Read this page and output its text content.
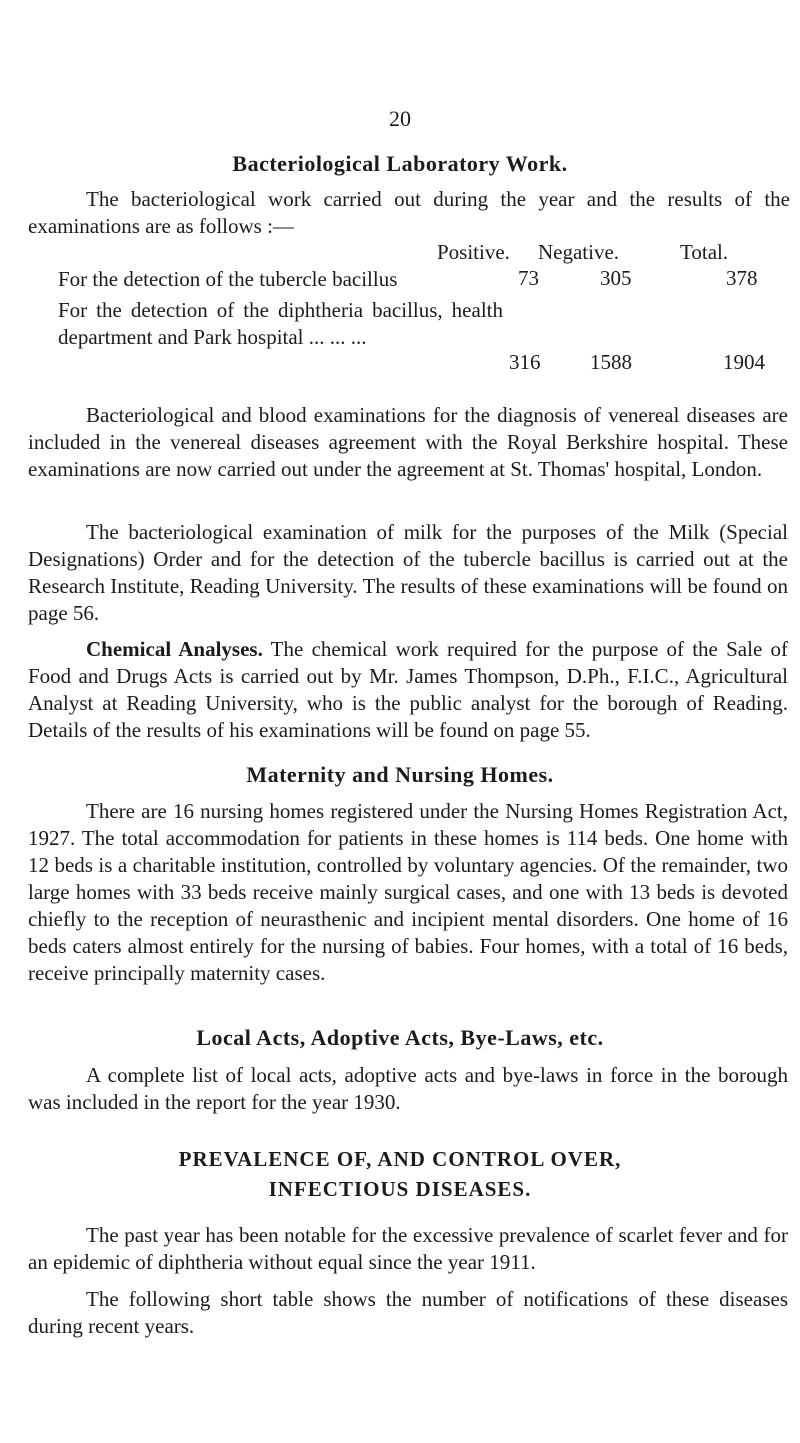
20
Bacteriological Laboratory Work.

The bacteriological work carried out during the year and the results of the examinations are as follows :—

Positive. Negative.	Total.
For the detection of the tubercle bacillus	73	305	378
For the detection of the diphtheria bacillus, health department and Park hospital ... ... ...
316 1588	1904

Bacteriological and blood examinations for the diagnosis of venereal diseases are included in the venereal diseases agreement with the Royal Berkshire hospital. These examinations are now carried out under the agreement at St. Thomas' hospital, London.

The bacteriological examination of milk for the purposes of the Milk (Special Designations) Order and for the detection of the tubercle bacillus is carried out at the Research Institute, Reading University. The results of these examinations will be found on page 56.

Chemical Analyses. The chemical work required for the purpose of the Sale of Food and Drugs Acts is carried out by Mr. James Thompson, D.Ph., F.I.C., Agricultural Analyst at Reading University, who is the public analyst for the borough of Reading. Details of the results of his examinations will be found on page 55.

Maternity and Nursing Homes.

There are 16 nursing homes registered under the Nursing Homes Registration Act, 1927. The total accommodation for patients in these homes is 114 beds. One home with 12 beds is a charitable institution, controlled by voluntary agencies. Of the remainder, two large homes with 33 beds receive mainly surgical cases, and one with 13 beds is devoted chiefly to the reception of neurasthenic and incipient mental disorders. One home of 16 beds caters almost entirely for the nursing of babies. Four homes, with a total of 16 beds, receive principally maternity cases.

Local Acts, Adoptive Acts, Bye-Laws, etc.

A complete list of local acts, adoptive acts and bye-laws in force in the borough was included in the report for the year 1930.

PREVALENCE OF, AND CONTROL OVER,
INFECTIOUS DISEASES.

The past year has been notable for the excessive prevalence of scarlet fever and for an epidemic of diphtheria without equal since the year 1911.

The following short table shows the number of notifications of these diseases during recent years.
